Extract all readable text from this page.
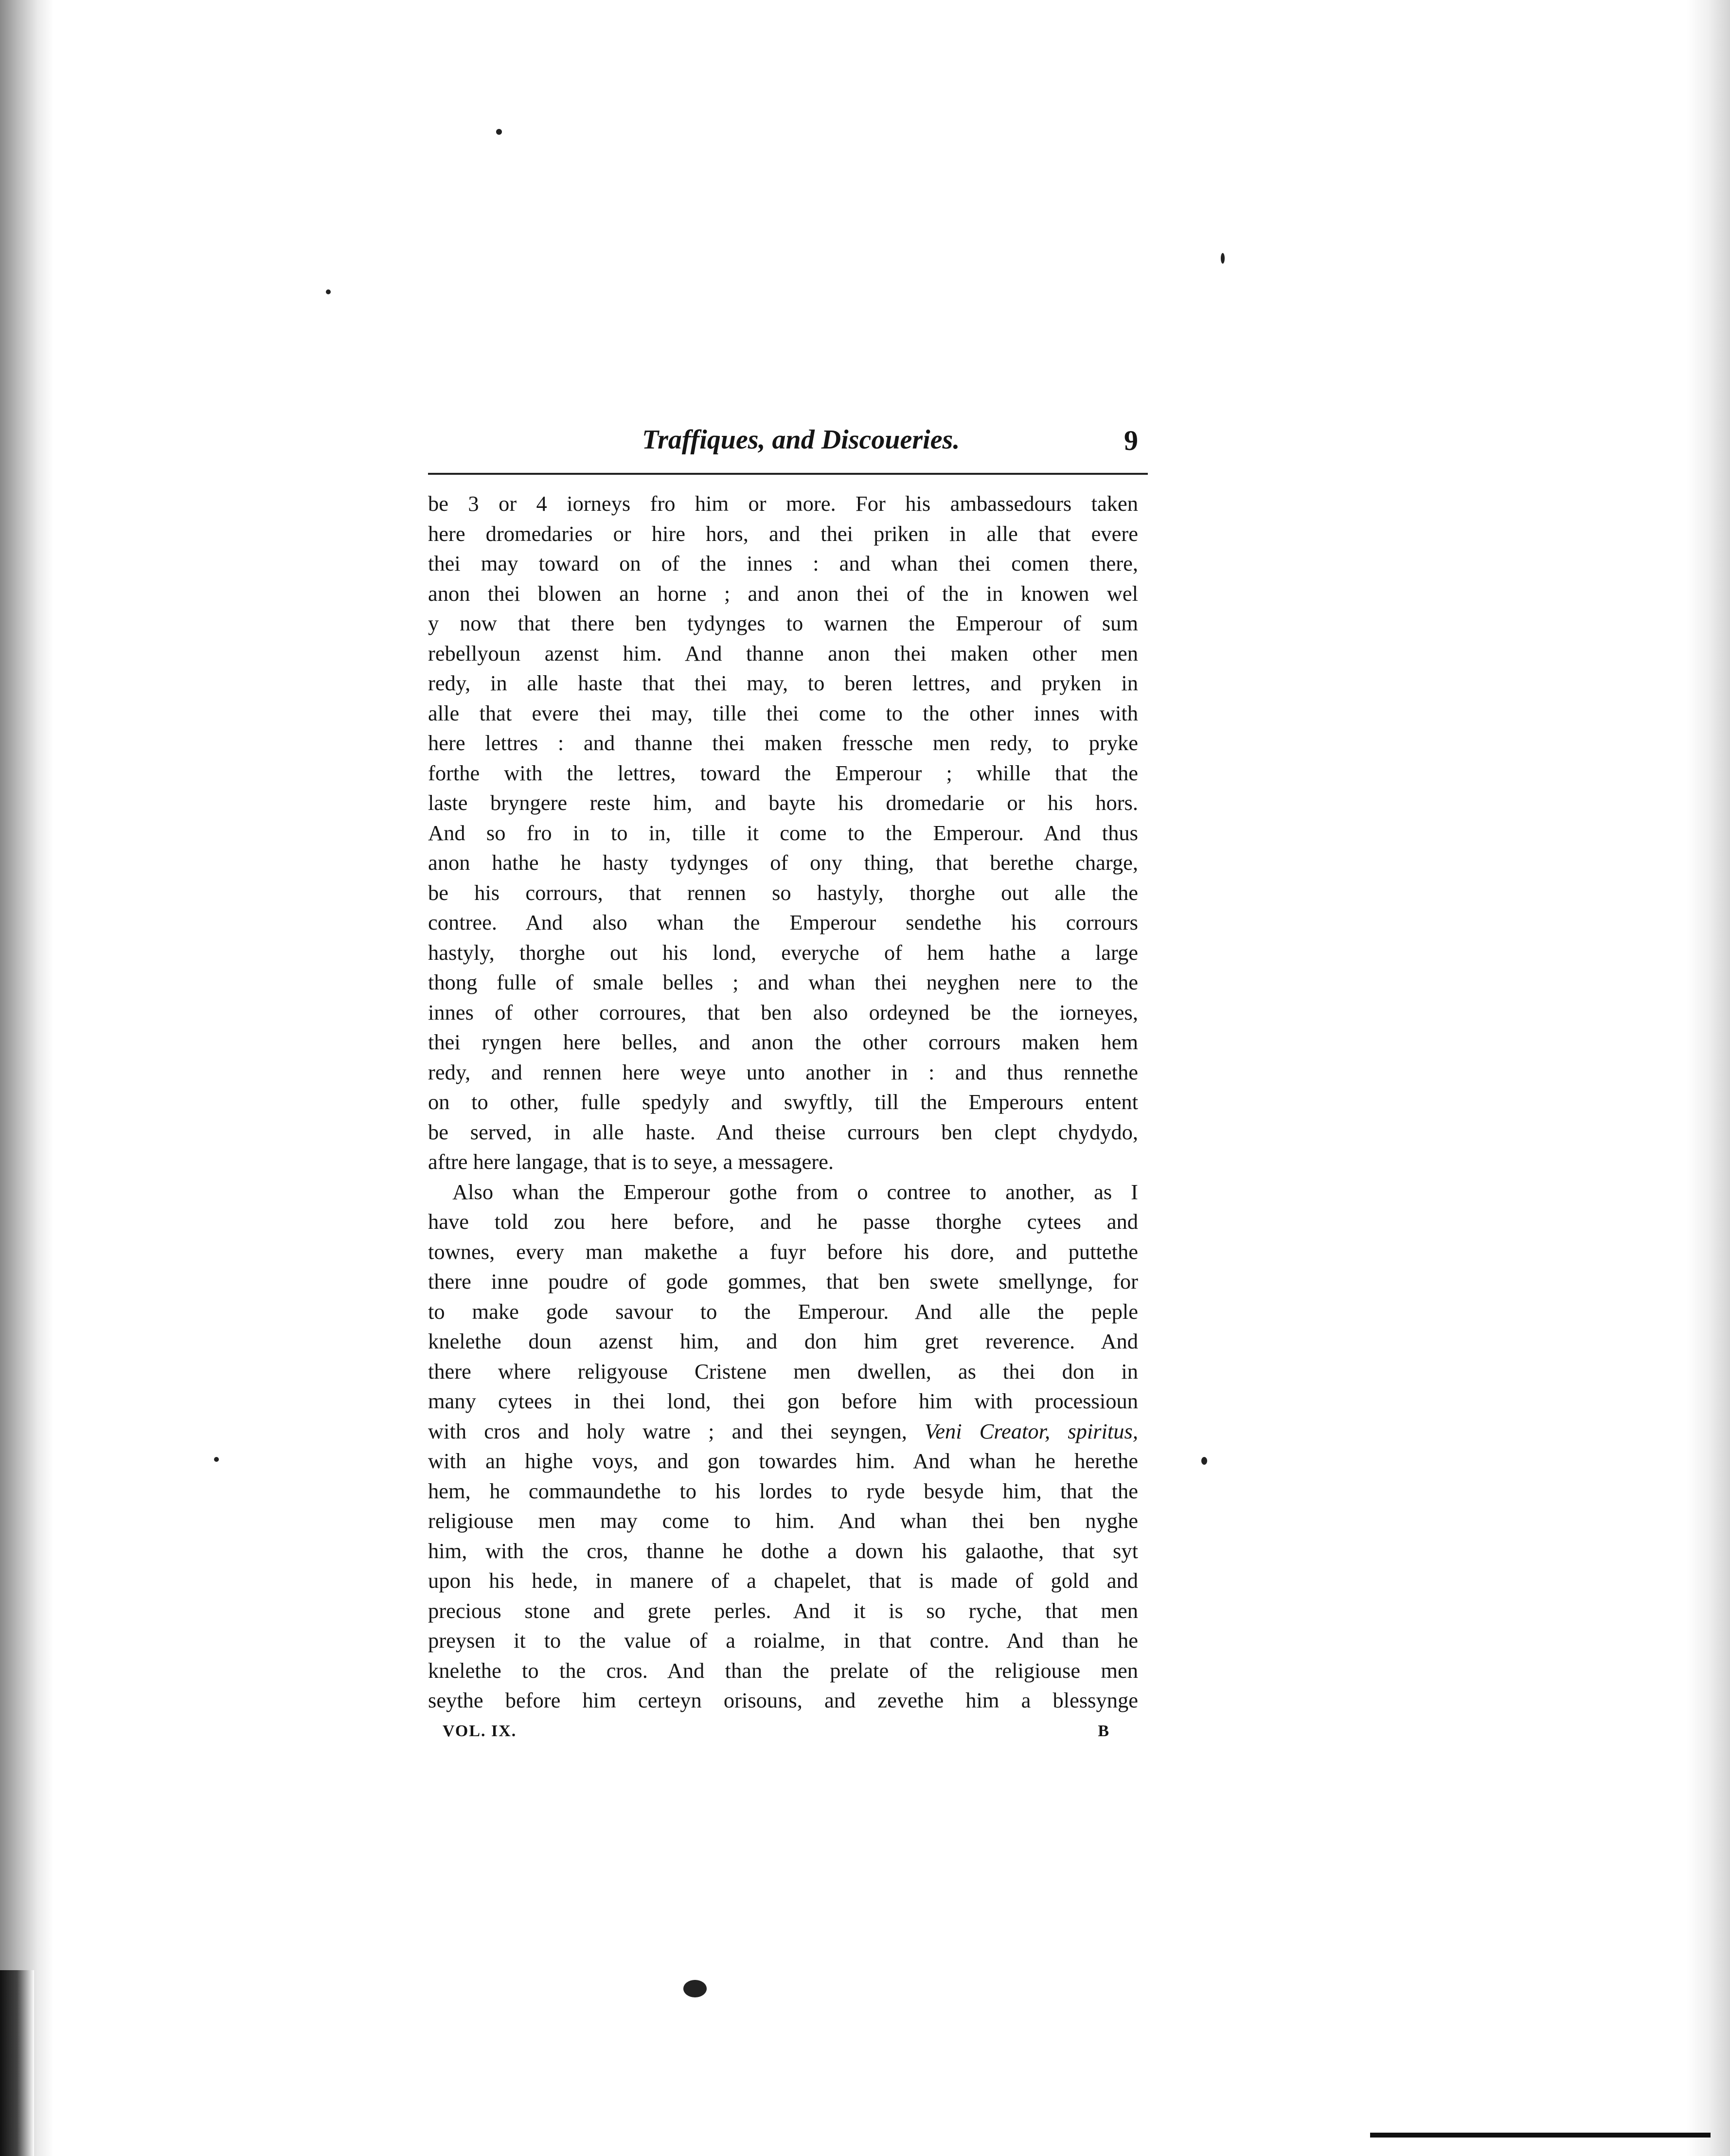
Traffiques, and Discoueries.	9
be 3 or 4 iorneys fro him or more. For his ambassedours taken
here dromedaries or hire hors, and thei priken in alle that evere
thei may toward on of the innes : and whan thei comen there,
anon thei blowen an horne ; and anon thei of the in knowen wel
y now that there ben tydynges to warnen the Emperour of sum
rebellyoun azenst him. And thanne anon thei maken other men
redy, in alle haste that thei may, to beren lettres, and pryken in
alle that evere thei may, tille thei come to the other innes with
here lettres : and thanne thei maken fressche men redy, to pryke
forthe with the lettres, toward the Emperour ; whille that the
laste bryngere reste him, and bayte his dromedarie or his hors.
And so fro in to in, tille it come to the Emperour. And thus
anon hathe he hasty tydynges of ony thing, that berethe charge,
be his corrours, that rennen so hastyly, thorghe out alle the
contree. And also whan the Emperour sendethe his corrours
hastyly, thorghe out his lond, everyche of hem hathe a large
thong fulle of smale belles ; and whan thei neyghen nere to the
innes of other corroures, that ben also ordeyned be the iorneyes,
thei ryngen here belles, and anon the other corrours maken hem
redy, and rennen here weye unto another in : and thus rennethe
on to other, fulle spedyly and swyftly, till the Emperours entent
be served, in alle haste. And theise currours ben clept chydydo,
aftre here langage, that is to seye, a messagere.
Also whan the Emperour gothe from o contree to another, as I
have told zou here before, and he passe thorghe cytees and
townes, every man makethe a fuyr before his dore, and puttethe
there inne poudre of gode gommes, that ben swete smellynge, for
to make gode savour to the Emperour. And alle the peple
knelethe doun azenst him, and don him gret reverence. And
there where religyouse Cristene men dwellen, as thei don in
many cytees in thei lond, thei gon before him with processioun
with cros and holy watre ; and thei seyngen, Veni Creator, spiritus,
with an highe voys, and gon towardes him. And whan he herethe
hem, he commaundethe to his lordes to ryde besyde him, that the
religiouse men may come to him. And whan thei ben nyghe
him, with the cros, thanne he dothe a down his galaothe, that syt
upon his hede, in manere of a chapelet, that is made of gold and
precious stone and grete perles. And it is so ryche, that men
preysen it to the value of a roialme, in that contre. And than he
knelethe to the cros. And than the prelate of the religiouse men
seythe before him certeyn orisouns, and zevethe him a blessynge
VOL. IX.	B
